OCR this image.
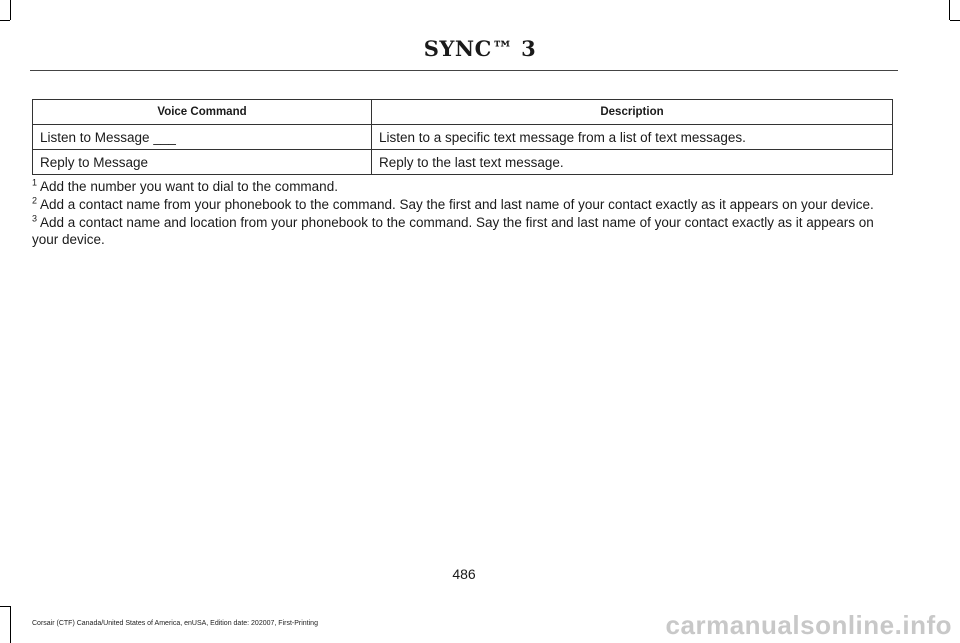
SYNC™ 3
Voice Command	Description
Listen to Message ___	Listen to a specific text message from a list of text messages.
Reply to Message	Reply to the last text message.

$^1$ Add the number you want to dial to the command.

$^2$ Add a contact name from your phonebook to the command. Say the first and last name of your contact exactly as it appears on your device.

$^3$ Add a contact name and location from your phonebook to the command. Say the first and last name of your contact exactly as it appears on your device.

486
Corsair (CTF) Canada/United States of America, enUSA, Edition date: 202007, First-Printing	carmanualsonline.info
